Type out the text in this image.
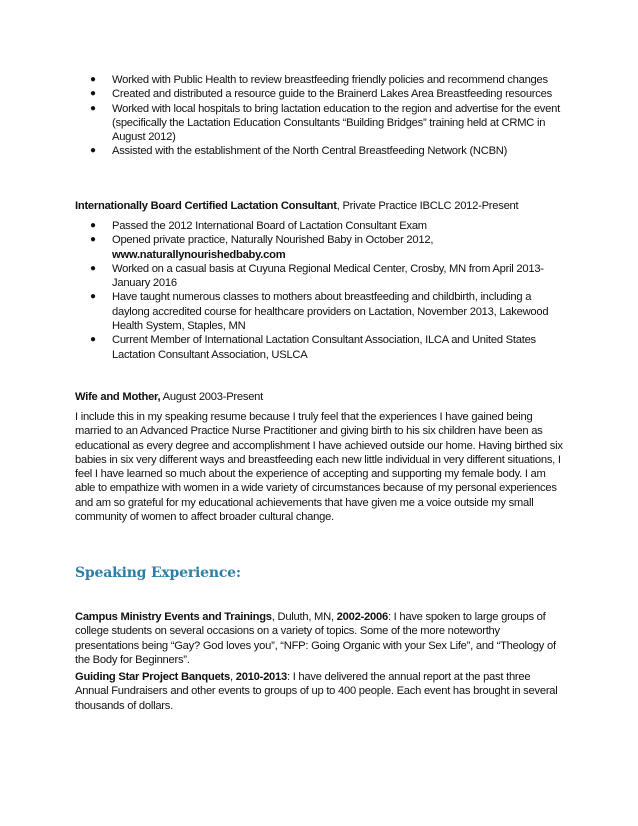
● Worked with Public Health to review breastfeeding friendly policies and recommend changes
● Created and distributed a resource guide to the Brainerd Lakes Area Breastfeeding resources
● Worked with local hospitals to bring lactation education to the region and advertise for the event (specifically the Lactation Education Consultants “Building Bridges” training held at CRMC in August 2012)
● Assisted with the establishment of the North Central Breastfeeding Network (NCBN)
Internationally Board Certified Lactation Consultant, Private Practice IBCLC 2012-Present
● Passed the 2012 International Board of Lactation Consultant Exam
● Opened private practice, Naturally Nourished Baby in October 2012,
www.naturallynourishedbaby.com
● Worked on a casual basis at Cuyuna Regional Medical Center, Crosby, MN from April 2013-January 2016
● Have taught numerous classes to mothers about breastfeeding and childbirth, including a daylong accredited course for healthcare providers on Lactation, November 2013, Lakewood Health System, Staples, MN
● Current Member of International Lactation Consultant Association, ILCA and United States Lactation Consultant Association, USLCA
Wife and Mother, August 2003-Present
I include this in my speaking resume because I truly feel that the experiences I have gained being married to an Advanced Practice Nurse Practitioner and giving birth to his six children have been as educational as every degree and accomplishment I have achieved outside our home. Having birthed six babies in six very different ways and breastfeeding each new little individual in very different situations, I feel I have learned so much about the experience of accepting and supporting my female body. I am able to empathize with women in a wide variety of circumstances because of my personal experiences and am so grateful for my educational achievements that have given me a voice outside my small community of women to affect broader cultural change.
Speaking Experience:
Campus Ministry Events and Trainings, Duluth, MN, 2002-2006: I have spoken to large groups of college students on several occasions on a variety of topics. Some of the more noteworthy presentations being “Gay? God loves you”, “NFP: Going Organic with your Sex Life”, and “Theology of the Body for Beginners”.
Guiding Star Project Banquets, 2010-2013: I have delivered the annual report at the past three Annual Fundraisers and other events to groups of up to 400 people. Each event has brought in several thousands of dollars.
